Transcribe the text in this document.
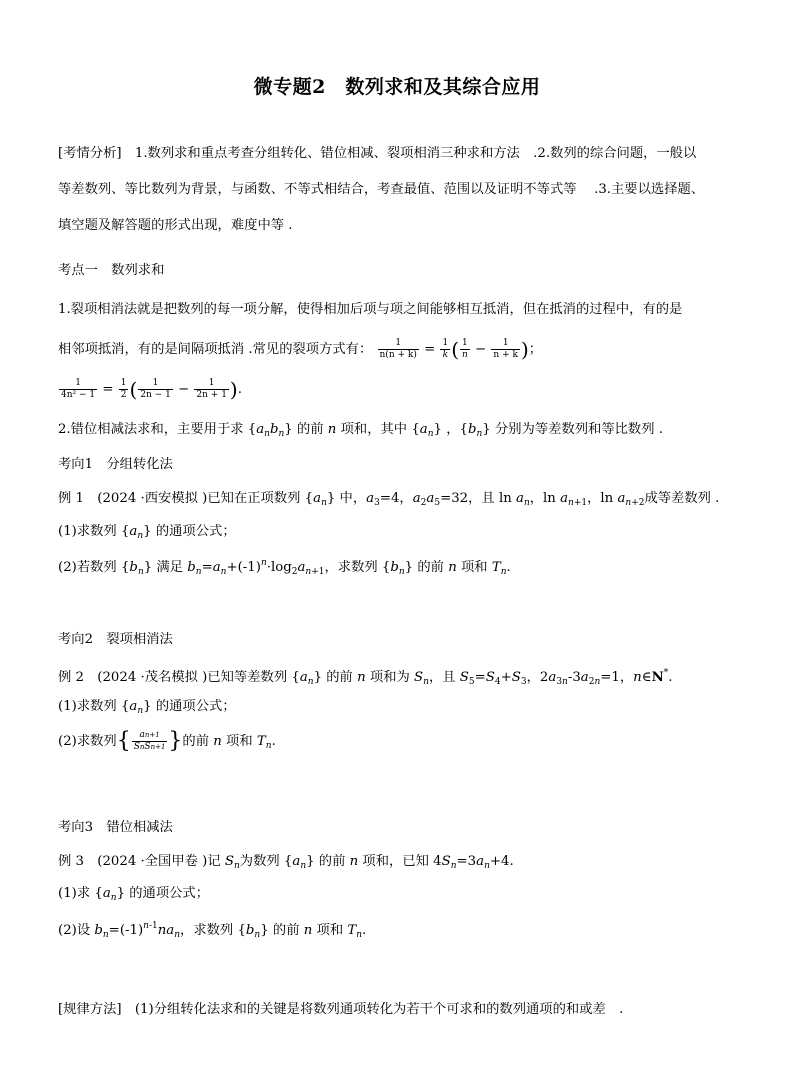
微专题2　数列求和及其综合应用
[考情分析]　1.数列求和重点考查分组转化、错位相减、裂项相消三种求和方法　.2.数列的综合问题，一般以
等差数列、等比数列为背景，与函数、不等式相结合，考查最值、范围以及证明不等式等　 .3.主要以选择题、
填空题及解答题的形式出现，难度中等 .
考点一　数列求和
1.裂项相消法就是把数列的每一项分解，使得相加后项与项之间能够相互抵消，但在抵消的过程中，有的是
相邻项抵消，有的是间隔项抵消 .常见的裂项方式有： $\frac{1}{n(n + k)} = \frac{1}{k}$ ( $\frac{1}{n} - \frac{1}{n + k}$ )；
$\frac{1}{\text{4n² − 1}} = \frac{1}{2}$ ( $\frac{1}{2n - 1} - \frac{1}{2n + 1}$ ).
2.错位相减法求和，主要用于求 $\{a_nb_n\}$ 的前 n 项和，其中 $\{a_n\}$ ，$\{b_n\}$ 分别为等差数列和等比数列 .
考向1　分组转化法
例 1　(2024 ·西安模拟 )已知在正项数列 $\{a_n\}$ 中，$a_3=4$，$a_2a_5=32$，且 $\ln a_n$，$\ln a_{n+1}$，$\ln a_{n+2}$成等差数列 .
(1)求数列 $\{a_n\}$ 的通项公式；
(2)若数列 $\{b_n\}$ 满足 $b_n=a_n+(-1)^n\cdot\log_2a_{n+1}$，求数列 $\{b_n\}$ 的前 n 项和 $T_n$.
考向2　裂项相消法
例 2　(2024 ·茂名模拟 )已知等差数列 $\{a_n\}$ 的前 n 项和为 $S_n$，且 $S_5=S_4+S_3$，$2a_{3n}-3a_{2n}=1$，n∈N*.
(1)求数列 $\{a_n\}$ 的通项公式；
(2)求数列{ $\frac{an+1}{\text{SnSn+1}}$ }的前 n 项和 $T_n$.
考向3　错位相减法
例 3　(2024 ·全国甲卷 )记 $S_n$为数列 $\{a_n\}$ 的前 n 项和，已知 $4S_n=3a_n+4$.
(1)求 $\{a_n\}$ 的通项公式；
(2)设 $b_n=(-1)^{n-1}na_n$，求数列 $\{b_n\}$ 的前 n 项和 $T_n$.
[规律方法]　(1)分组转化法求和的关键是将数列通项转化为若干个可求和的数列通项的和或差　.
